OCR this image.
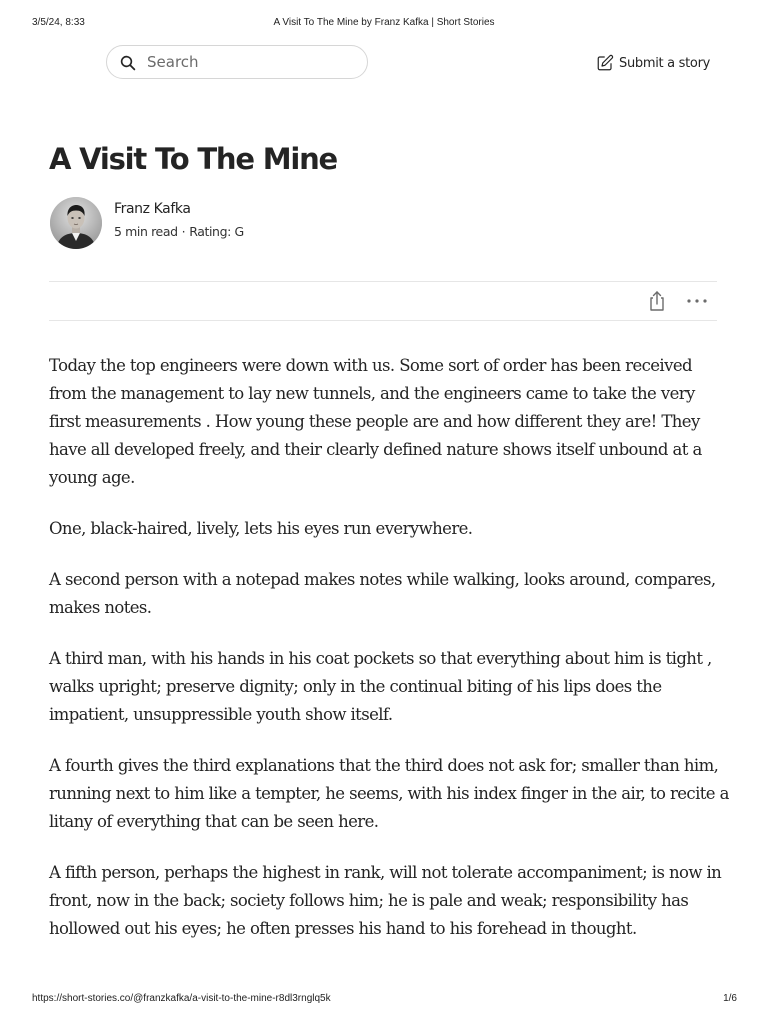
3/5/24, 8:33	A Visit To The Mine by Franz Kafka | Short Stories
Search
Submit a story
A Visit To The Mine
Franz Kafka
5 min read · Rating: G

Today the top engineers were down with us. Some sort of order has been received from the management to lay new tunnels, and the engineers came to take the very first measurements . How young these people are and how different they are! They have all developed freely, and their clearly defined nature shows itself unbound at a young age.

One, black-haired, lively, lets his eyes run everywhere.

A second person with a notepad makes notes while walking, looks around, compares, makes notes.

A third man, with his hands in his coat pockets so that everything about him is tight , walks upright; preserve dignity; only in the continual biting of his lips does the impatient, unsuppressible youth show itself.

A fourth gives the third explanations that the third does not ask for; smaller than him, running next to him like a tempter, he seems, with his index finger in the air, to recite a litany of everything that can be seen here.

A fifth person, perhaps the highest in rank, will not tolerate accompaniment; is now in front, now in the back; society follows him; he is pale and weak; responsibility has hollowed out his eyes; he often presses his hand to his forehead in thought.

https://short-stories.co/@franzkafka/a-visit-to-the-mine-r8dl3rnglq5k	1/6
